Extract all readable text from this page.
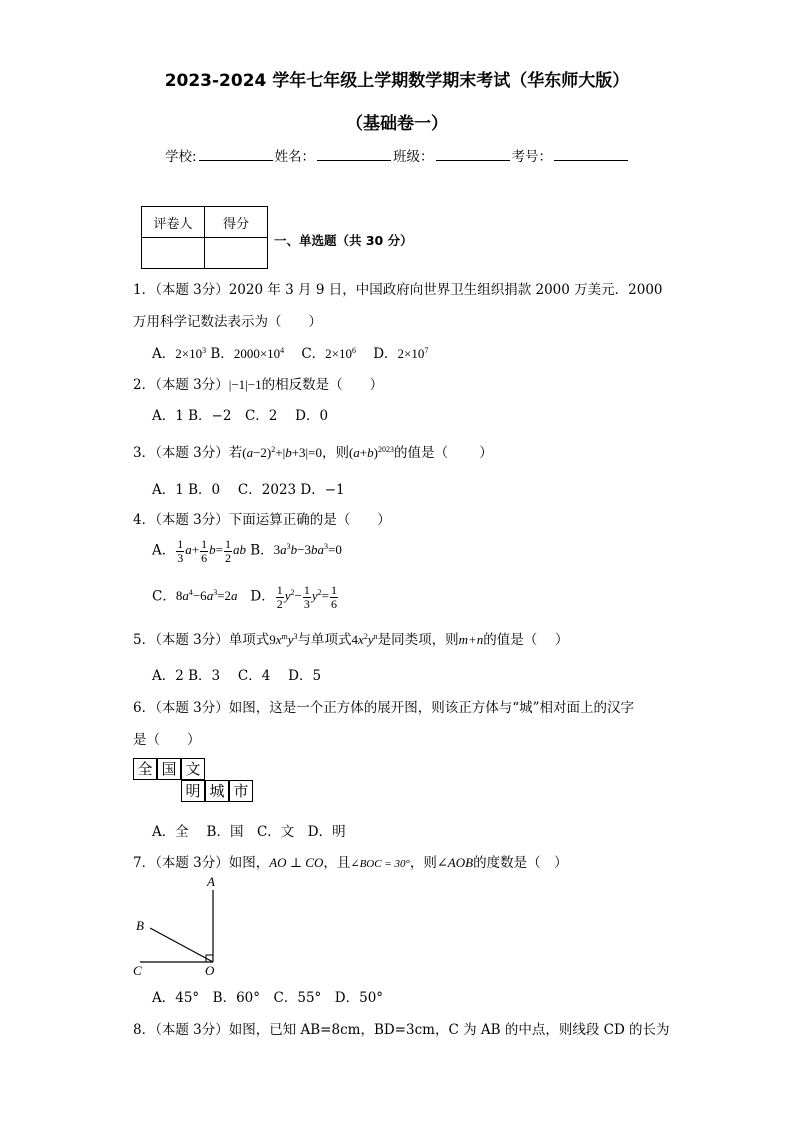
2023-2024 学年七年级上学期数学期末考试（华东师大版）
（基础卷一）
学校:	姓名：	班级：	考号：
评卷人	得分

一、单选题（共 30 分）
1．（本题 3分）2020 年 3 月 9 日，中国政府向世界卫生组织捐款 2000 万美元．2000
万用科学记数法表示为（　　）
A．$2\times 10^3$ B．$2000\times 10^4$ C．$2\times 10^6$ D．$2\times 10^7$
2．（本题 3分）|−1|−1的相反数是（　　）
A．1 B．−2　C．2　 D．0
3．（本题 3分）若$(a-2)^2+|b+3|=0$，则$(a+b)^{2023}$的值是（　　 ）
A．1 B．0　 C．2023 D．−1
4．（本题 3分）下面运算正确的是（　　）
A． $\frac{1}{3} a+ \frac{1}{6} b= \frac{1}{2}$ ab B．$3a^3b-3ba^3=0$
C．$8a^4-6a^3=2a$ D． $\frac{1}{2} y^2- \frac{1}{3} y^2= \frac{1}{6}$
5．（本题 3分）单项式$9x^my^3$与单项式$4x^2y^n$是同类项，则m+n的值是（　 ）
A．2 B．3　 C．4　 D．5
6．（本题 3分）如图，这是一个正方体的展开图，则该正方体与“城”相对面上的汉字
是（　　）
全 国 文
明 城 市
A．全　 B．国　C．文　D．明
7．（本题 3分）如图，AO ⊥ CO，且∠BOC = 30°，则∠AOB的度数是（　）
A
B
C	O
A．45°　B．60°　C．55°　D．50°
8．（本题 3分）如图，已知 AB=8cm，BD=3cm，C 为 AB 的中点，则线段 CD 的长为
